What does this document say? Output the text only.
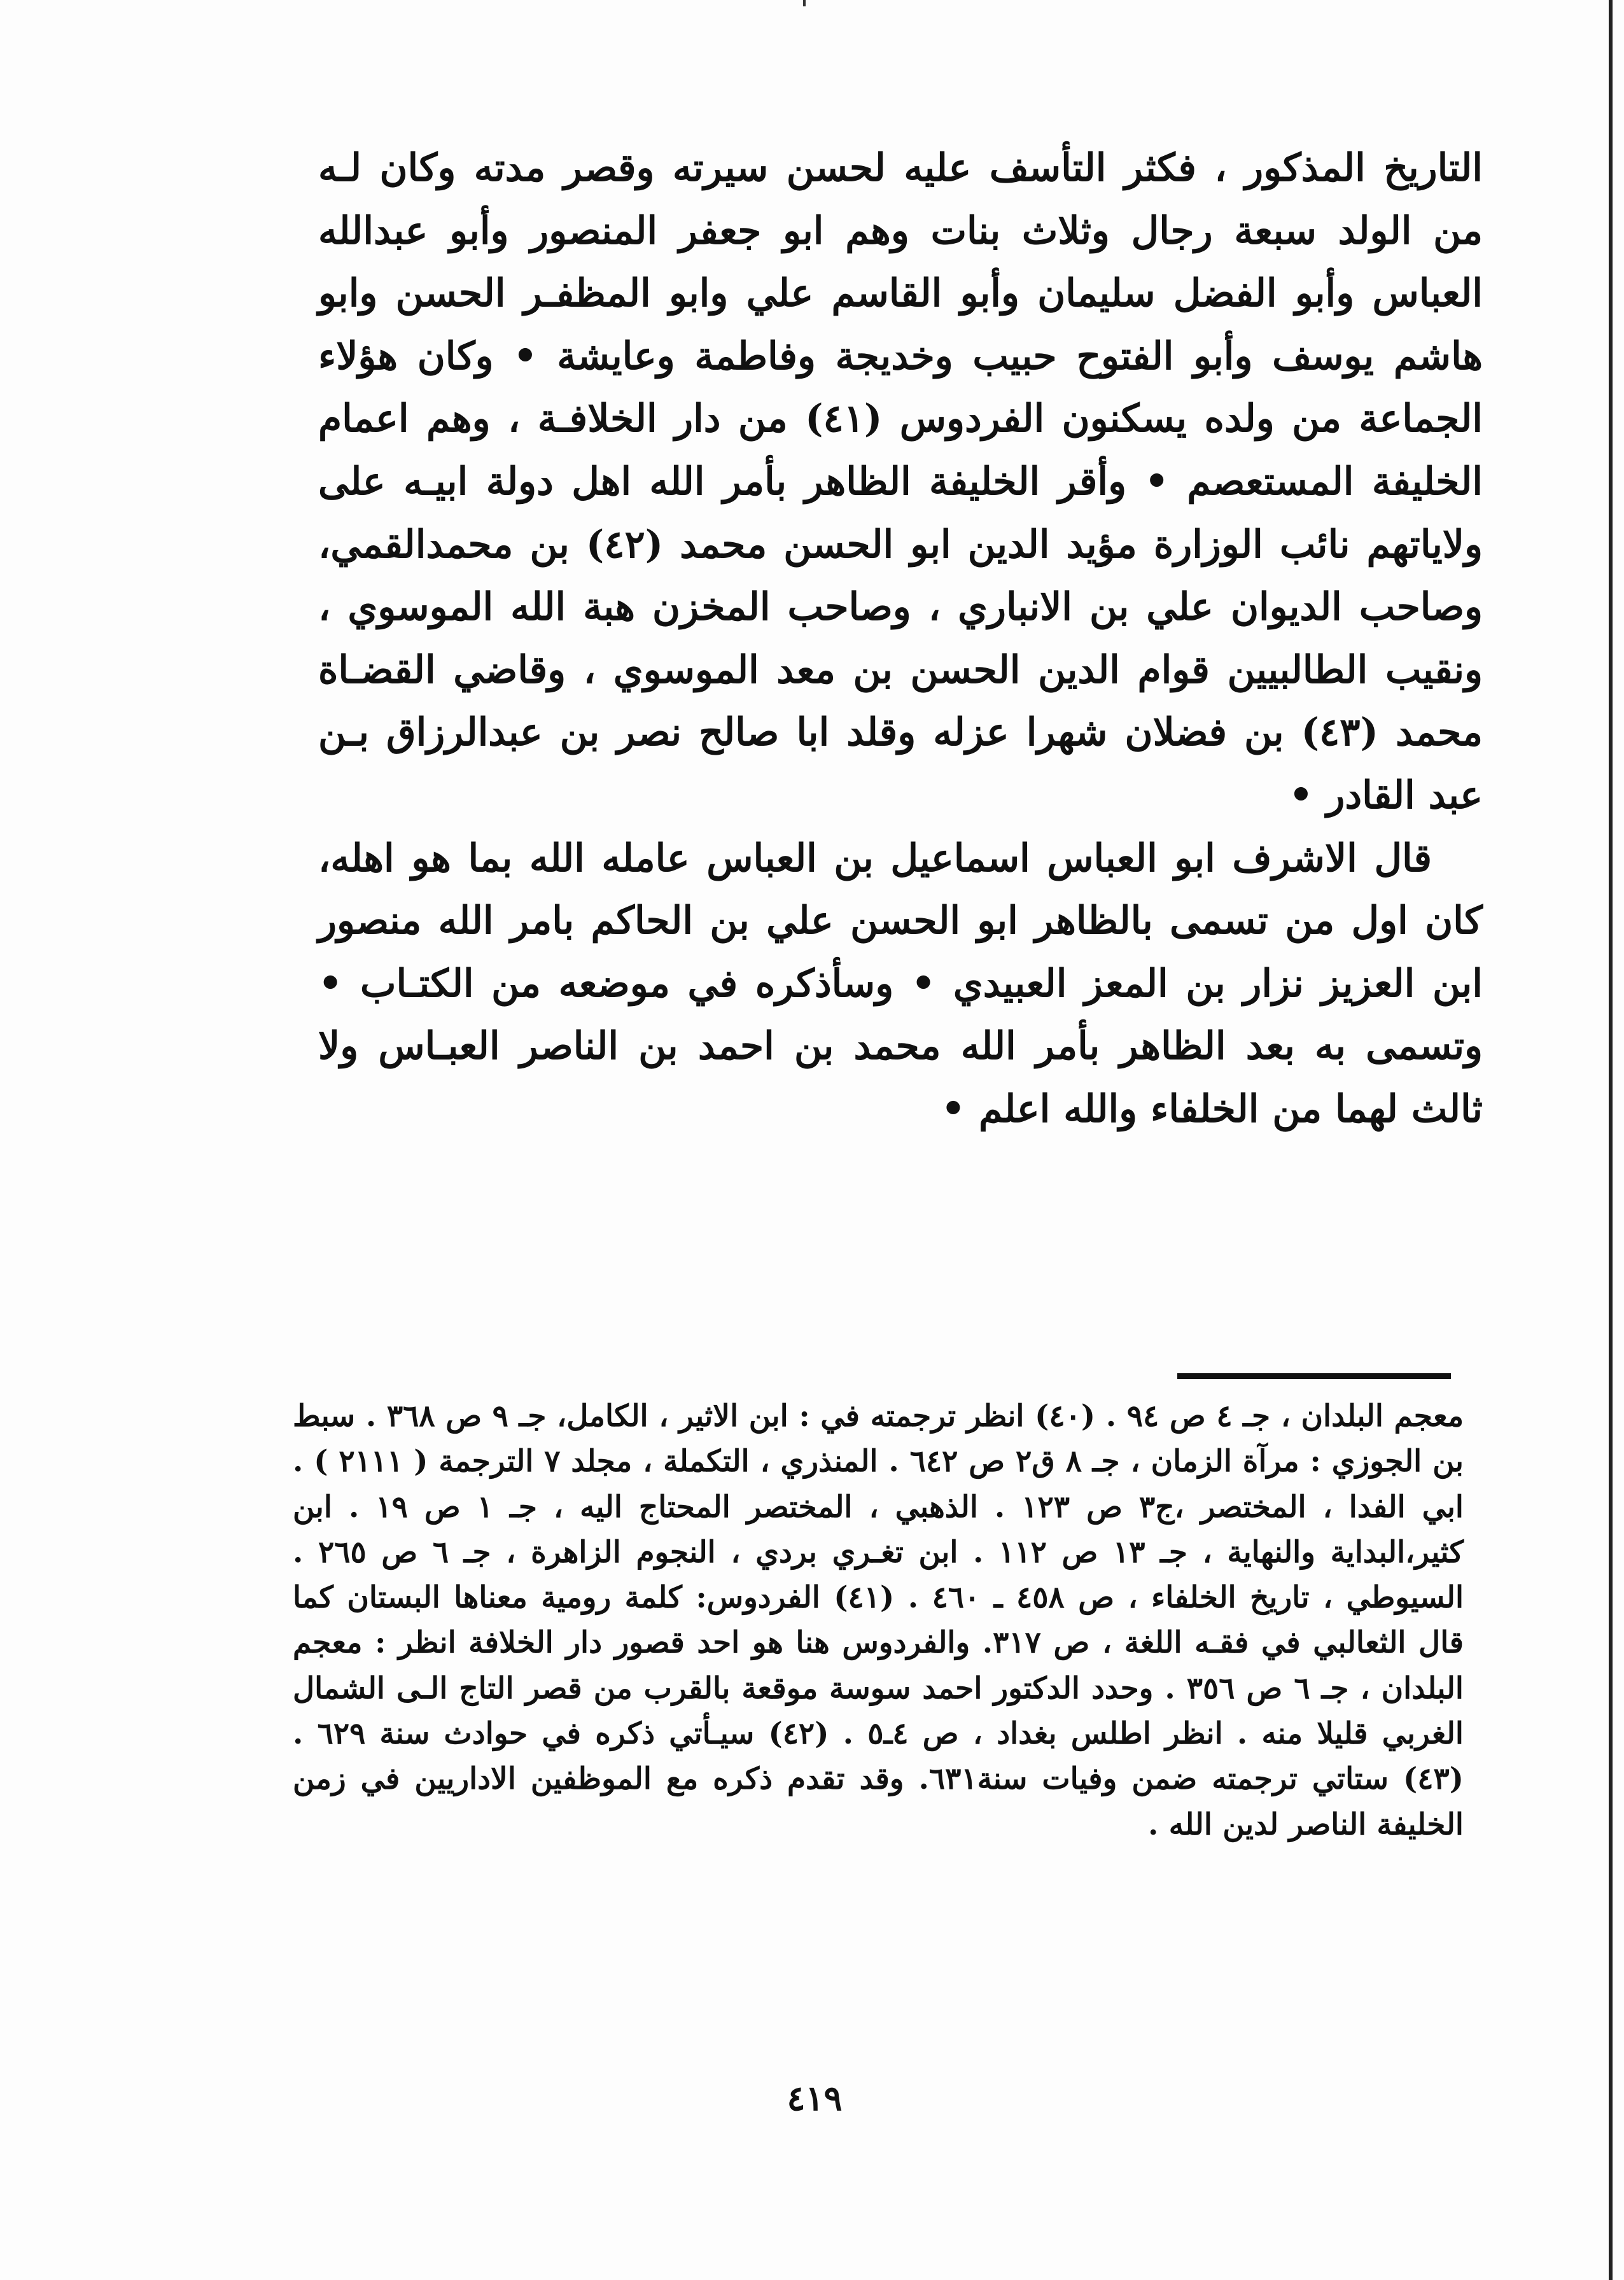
التاريخ المذكور ، فكثر التأسف عليه لحسن سيرته وقصر مدته وكان لـه من الولد سبعة رجال وثلاث بنات وهم ابو جعفر المنصور وأبو عبدالله العباس وأبو الفضل سليمان وأبو القاسم علي وابو المظفـر الحسن وابو هاشم يوسف وأبو الفتوح حبيب وخديجة وفاطمة وعايشة • وكان هؤلاء الجماعة من ولده يسكنون الفردوس (٤١) من دار الخلافـة ، وهم اعمام الخليفة المستعصم • وأقر الخليفة الظاهر بأمر الله اهل دولة ابيـه على ولاياتهم نائب الوزارة مؤيد الدين ابو الحسن محمد (٤٢) بن محمدالقمي، وصاحب الديوان علي بن الانباري ، وصاحب المخزن هبة الله الموسوي ، ونقيب الطالبيين قوام الدين الحسن بن معد الموسوي ، وقاضي القضـاة محمد (٤٣) بن فضلان شهرا عزله وقلد ابا صالح نصر بن عبدالرزاق بـن عبد القادر •

قال الاشرف ابو العباس اسماعيل بن العباس عامله الله بما هو اهله، كان اول من تسمى بالظاهر ابو الحسن علي بن الحاكم بامر الله منصور ابن العزيز نزار بن المعز العبيدي • وسأذكره في موضعه من الكتـاب • وتسمى به بعد الظاهر بأمر الله محمد بن احمد بن الناصر العبـاس ولا ثالث لهما من الخلفاء والله اعلم •

معجم البلدان ، جـ ٤ ص ٩٤ . (٤٠) انظر ترجمته في : ابن الاثير ، الكامل، جـ ٩ ص ٣٦٨ . سبط بن الجوزي : مرآة الزمان ، جـ ٨ ق٢ ص ٦٤٢ . المنذري ، التكملة ، مجلد ٧ الترجمة ( ٢١١١ ) . ابي الفدا ، المختصر ،ج٣ ص ١٢٣ . الذهبي ، المختصر المحتاج اليه ، جـ ١ ص ١٩ . ابن كثير،البداية والنهاية ، جـ ١٣ ص ١١٢ . ابن تغـري بردي ، النجوم الزاهرة ، جـ ٦ ص ٢٦٥ . السيوطي ، تاريخ الخلفاء ، ص ٤٥٨ ـ ٤٦٠ . (٤١) الفردوس: كلمة رومية معناها البستان كما قال الثعالبي في فقـه اللغة ، ص ٣١٧. والفردوس هنا هو احد قصور دار الخلافة انظر : معجم البلدان ، جـ ٦ ص ٣٥٦ . وحدد الدكتور احمد سوسة موقعة بالقرب من قصر التاج الـى الشمال الغربي قليلا منه . انظر اطلس بغداد ، ص ٤ـ٥ . (٤٢) سيـأتي ذكره في حوادث سنة ٦٢٩ . (٤٣) ستاتي ترجمته ضمن وفيات سنة٦٣١. وقد تقدم ذكره مع الموظفين الاداريين في زمن الخليفة الناصر لدين الله .

٤١٩
